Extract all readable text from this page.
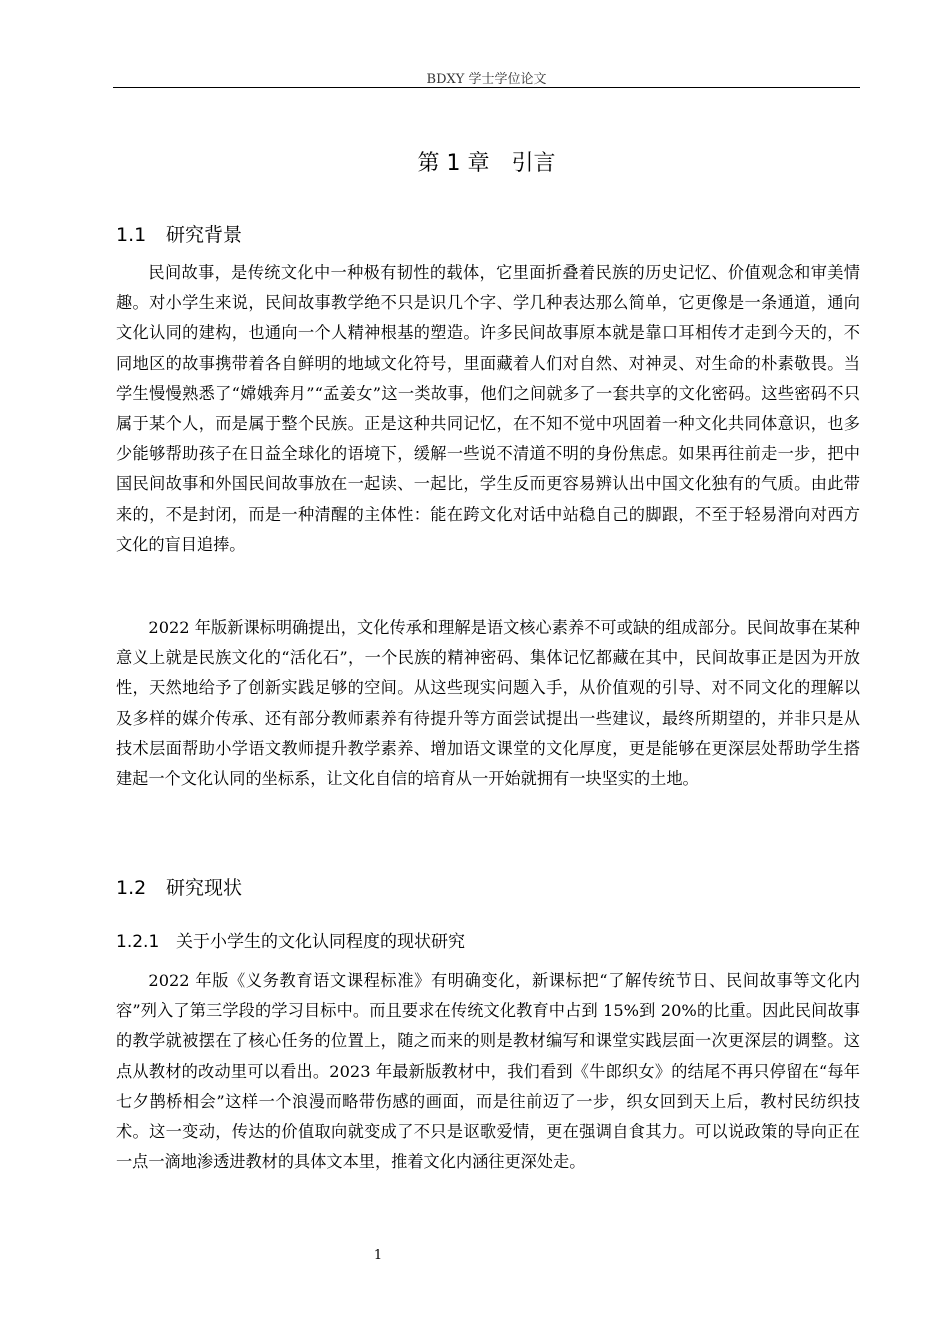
BDXY 学士学位论文
第 1 章 引言
1.1 研究背景

民间故事，是传统文化中一种极有韧性的载体，它里面折叠着民族的历史记忆、价值观念和审美情趣。对小学生来说，民间故事教学绝不只是识几个字、学几种表达那么简单，它更像是一条通道，通向文化认同的建构，也通向一个人精神根基的塑造。许多民间故事原本就是靠口耳相传才走到今天的，不同地区的故事携带着各自鲜明的地域文化符号，里面藏着人们对自然、对神灵、对生命的朴素敬畏。当学生慢慢熟悉了“嫦娥奔月”“孟姜女”这一类故事，他们之间就多了一套共享的文化密码。这些密码不只属于某个人，而是属于整个民族。正是这种共同记忆，在不知不觉中巩固着一种文化共同体意识，也多少能够帮助孩子在日益全球化的语境下，缓解一些说不清道不明的身份焦虑。如果再往前走一步，把中国民间故事和外国民间故事放在一起读、一起比，学生反而更容易辨认出中国文化独有的气质。由此带来的，不是封闭，而是一种清醒的主体性：能在跨文化对话中站稳自己的脚跟，不至于轻易滑向对西方文化的盲目追捧。

2022 年版新课标明确提出，文化传承和理解是语文核心素养不可或缺的组成部分。民间故事在某种意义上就是民族文化的“活化石”，一个民族的精神密码、集体记忆都藏在其中，民间故事正是因为开放性，天然地给予了创新实践足够的空间。从这些现实问题入手，从价值观的引导、对不同文化的理解以及多样的媒介传承、还有部分教师素养有待提升等方面尝试提出一些建议，最终所期望的，并非只是从技术层面帮助小学语文教师提升教学素养、增加语文课堂的文化厚度，更是能够在更深层处帮助学生搭建起一个文化认同的坐标系，让文化自信的培育从一开始就拥有一块坚实的土地。

1.2 研究现状
1.2.1 关于小学生的文化认同程度的现状研究

2022 年版《义务教育语文课程标准》有明确变化，新课标把“了解传统节日、民间故事等文化内容”列入了第三学段的学习目标中。而且要求在传统文化教育中占到 15%到 20%的比重。因此民间故事的教学就被摆在了核心任务的位置上，随之而来的则是教材编写和课堂实践层面一次更深层的调整。这点从教材的改动里可以看出。2023 年最新版教材中，我们看到《牛郎织女》的结尾不再只停留在“每年七夕鹊桥相会”这样一个浪漫而略带伤感的画面，而是往前迈了一步，织女回到天上后，教村民纺织技术。这一变动，传达的价值取向就变成了不只是讴歌爱情，更在强调自食其力。可以说政策的导向正在一点一滴地渗透进教材的具体文本里，推着文化内涵往更深处走。

1
